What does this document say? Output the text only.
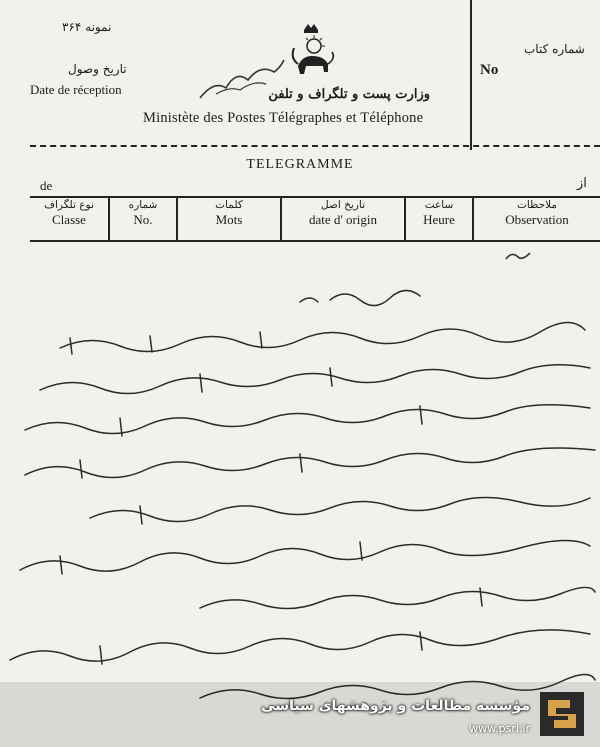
نمونه ۳۶۴
تاریخ وصول
Date de réception	وزارت پست و تلگراف و تلفن
Ministète des Postes Télégraphes et Téléphone
شماره کتاب
No
TELEGRAMME
de	از
نوع تلگراف
Classe
شماره
No.
کلمات
Mots
تاریخ اصل
date d' origin
ساعت
Heure
ملاحظات
Observation
مؤسسه مطالعات و پژوهشهای سیاسی
www.psri.ir
